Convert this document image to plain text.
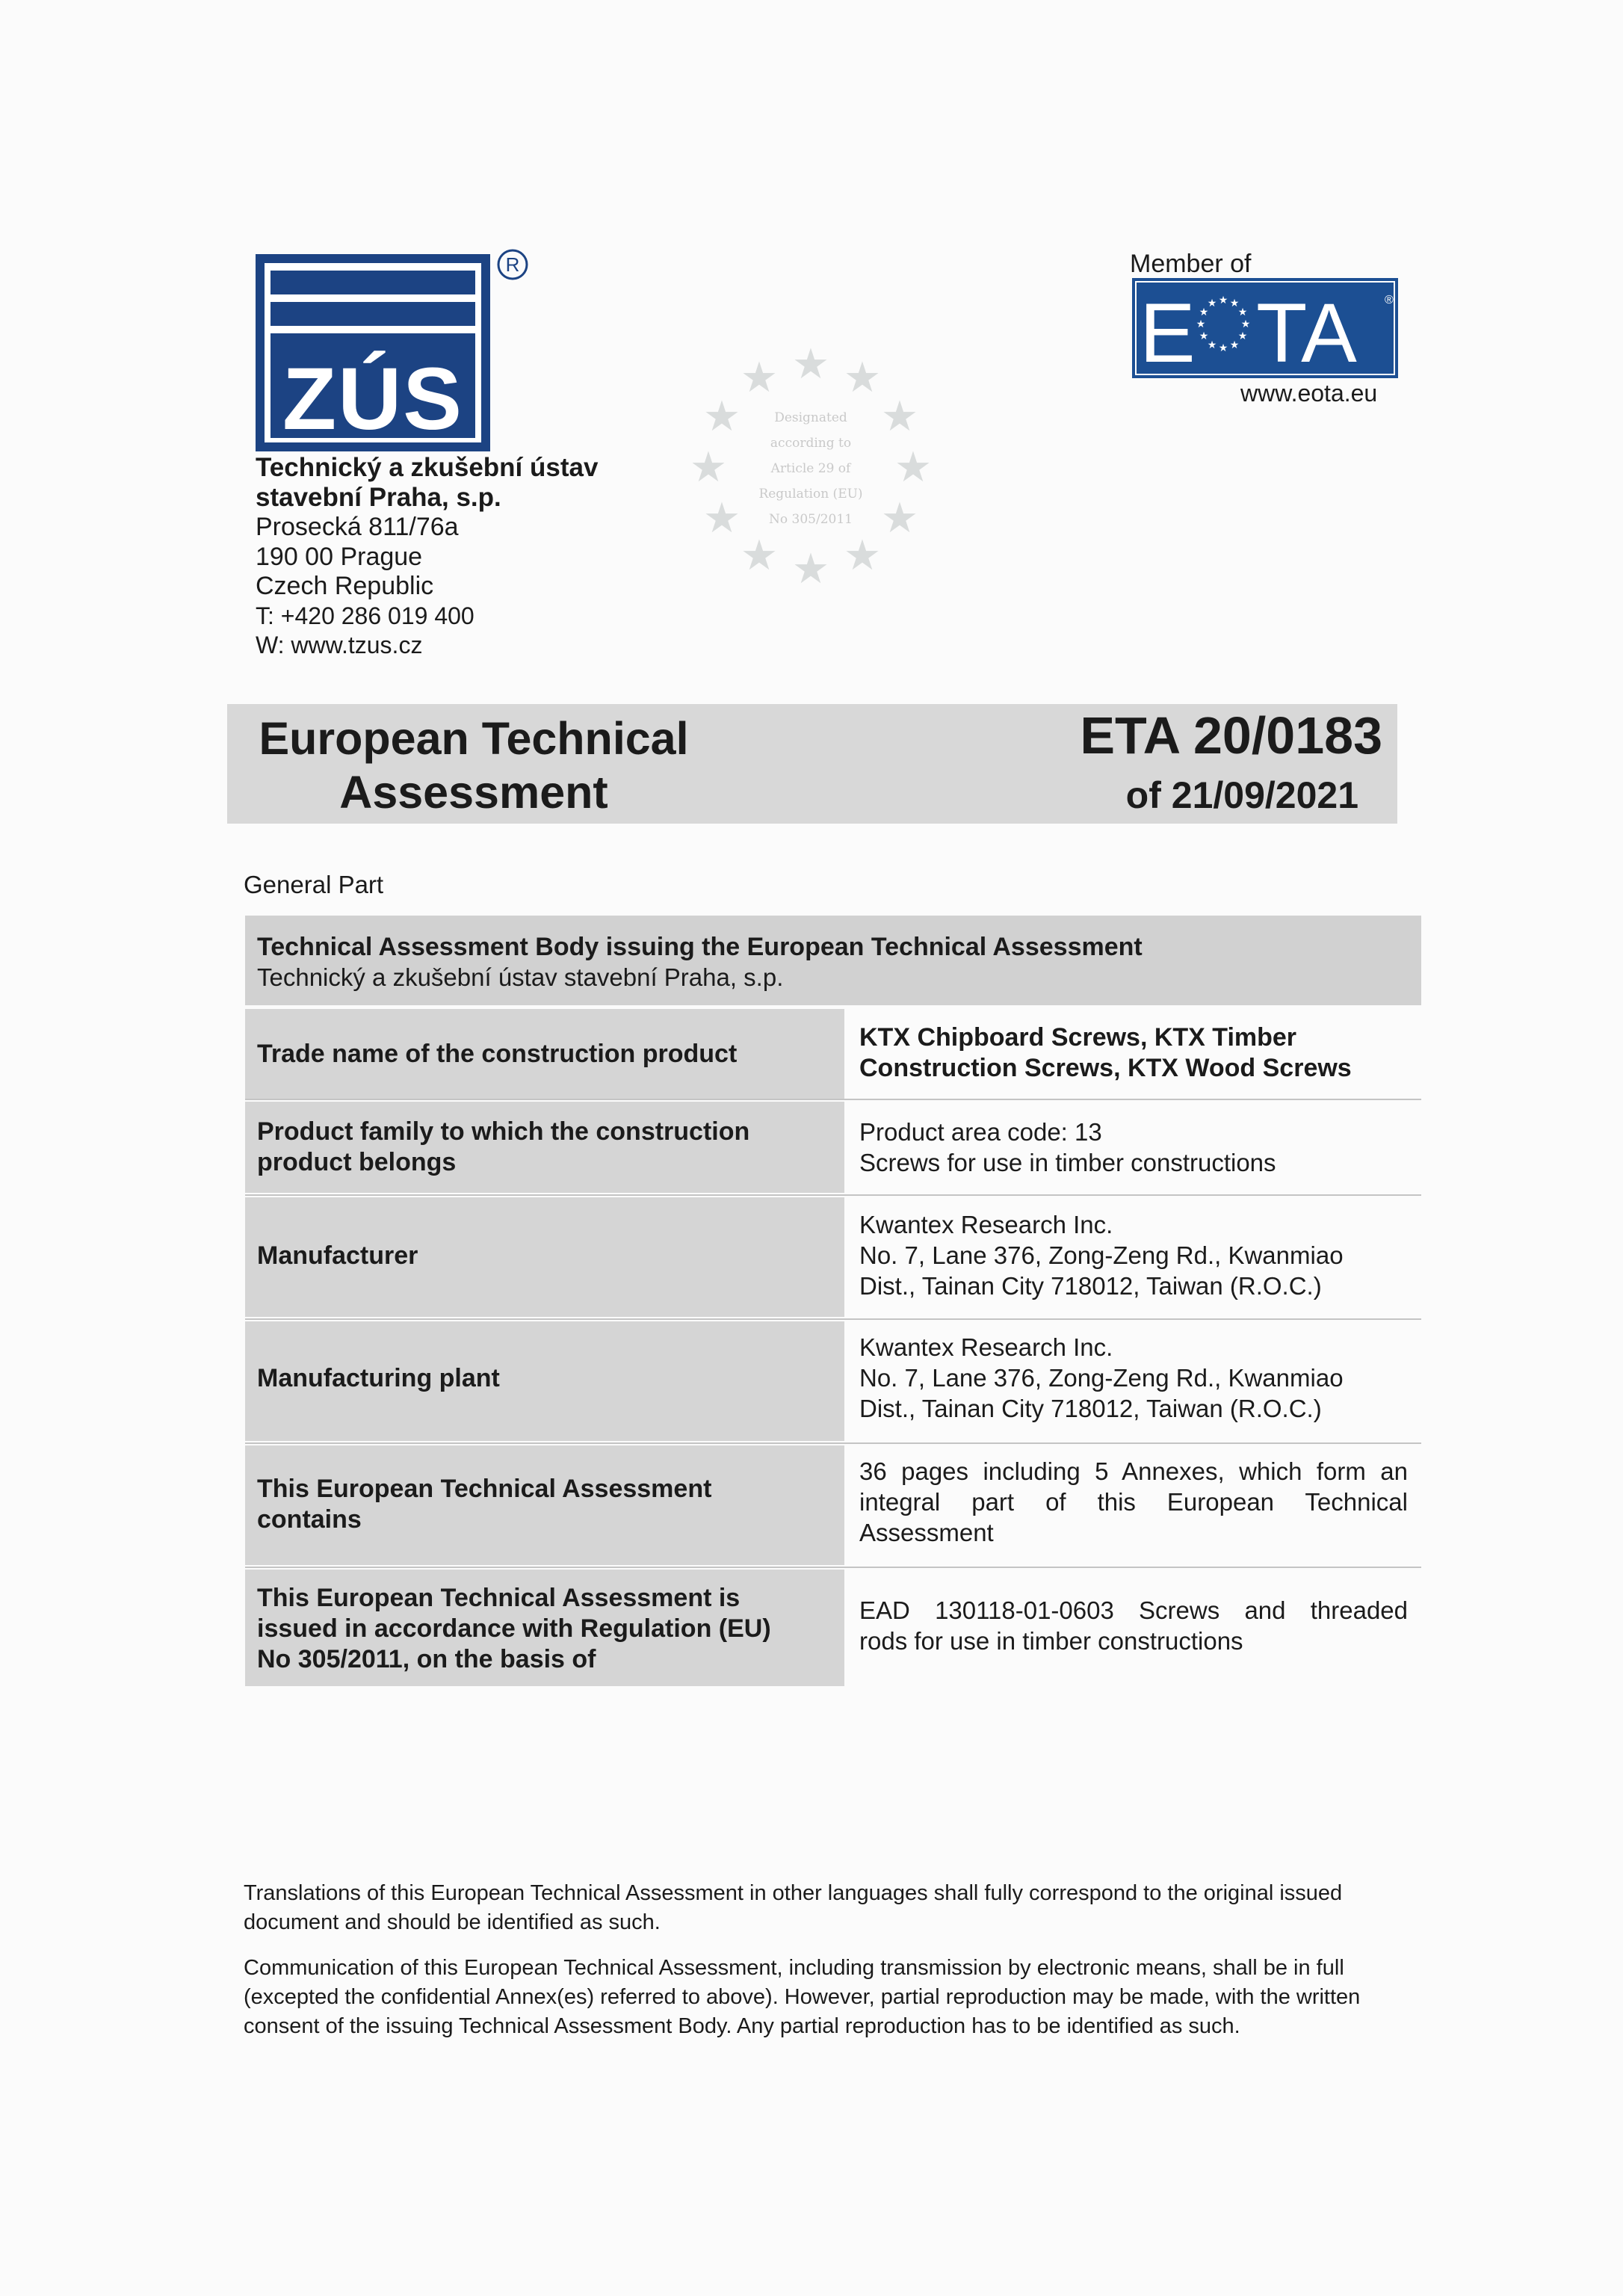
ZÚS
R
Technický a zkušební ústav
stavební Praha, s.p.
Prosecká 811/76a
190 00 Prague
Czech Republic
T: +420 286 019 400
W: www.tzus.cz
Member of
E ★ ★
★
★
★
★
★
★
★
★
★
★ TA ®
www.eota.eu
★ ★
★
★
★
★
★
★
★
★
★
★
Designated
according to
Article 29 of
Regulation (EU)
No 305/2011
European Technical
Assessment
ETA 20/0183
of 21/09/2021
General Part
Technical Assessment Body issuing the European Technical Assessment
Technický a zkušební ústav stavební Praha, s.p.
Trade name of the construction product
KTX Chipboard Screws, KTX Timber
Construction Screws, KTX Wood Screws
Product family to which the construction
product belongs
Product area code: 13
Screws for use in timber constructions
Manufacturer
Kwantex Research Inc.
No. 7, Lane 376, Zong-Zeng Rd., Kwanmiao
Dist., Tainan City 718012, Taiwan (R.O.C.)
Manufacturing plant
Kwantex Research Inc.
No. 7, Lane 376, Zong-Zeng Rd., Kwanmiao
Dist., Tainan City 718012, Taiwan (R.O.C.)
This European Technical Assessment
contains
36 pages including 5 Annexes, which form an
integral part of this European Technical
Assessment
This European Technical Assessment is
issued in accordance with Regulation (EU)
No 305/2011, on the basis of
EAD 130118-01-0603 Screws and threaded
rods for use in timber constructions
Translations of this European Technical Assessment in other languages shall fully correspond to the original issued
document and should be identified as such.
Communication of this European Technical Assessment, including transmission by electronic means, shall be in full
(excepted the confidential Annex(es) referred to above). However, partial reproduction may be made, with the written
consent of the issuing Technical Assessment Body. Any partial reproduction has to be identified as such.
